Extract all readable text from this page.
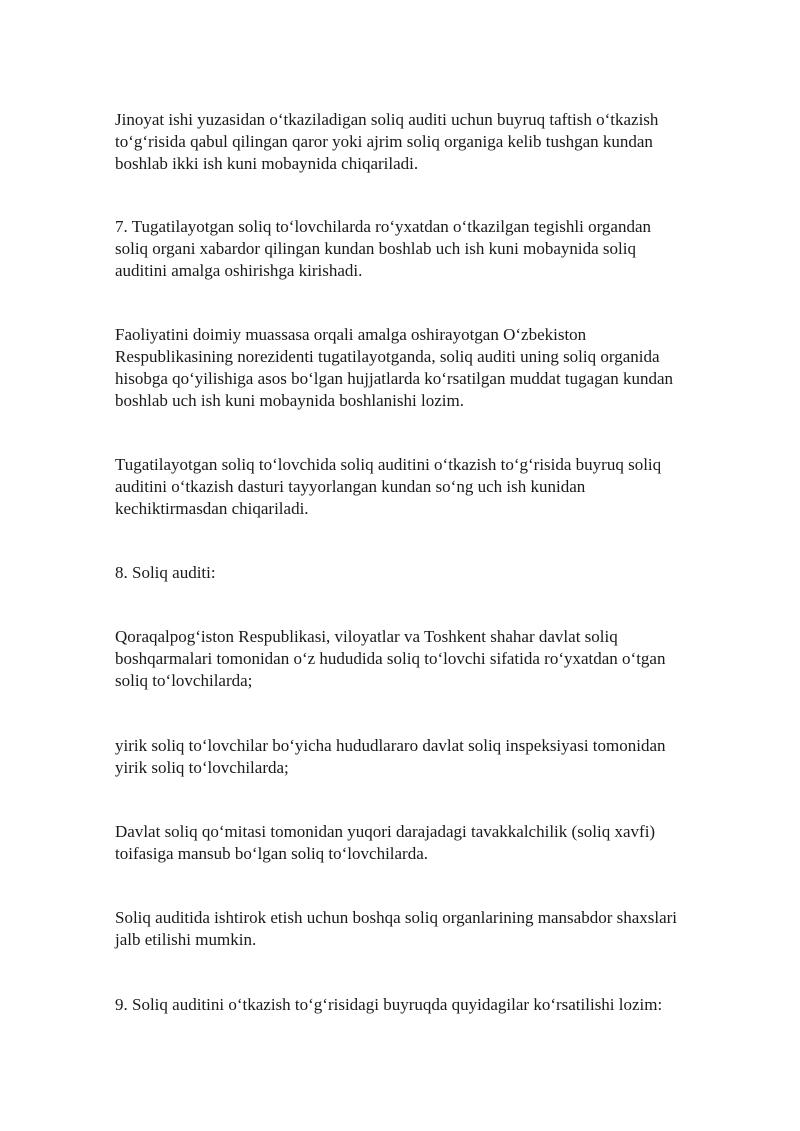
Jinoyat ishi yuzasidan o‘tkaziladigan soliq auditi uchun buyruq taftish o‘tkazish
to‘g‘risida qabul qilingan qaror yoki ajrim soliq organiga kelib tushgan kundan
boshlab ikki ish kuni mobaynida chiqariladi.

7. Tugatilayotgan soliq to‘lovchilarda ro‘yxatdan o‘tkazilgan tegishli organdan
soliq organi xabardor qilingan kundan boshlab uch ish kuni mobaynida soliq
auditini amalga oshirishga kirishadi.

Faoliyatini doimiy muassasa orqali amalga oshirayotgan O‘zbekiston
Respublikasining norezidenti tugatilayotganda, soliq auditi uning soliq organida
hisobga qo‘yilishiga asos bo‘lgan hujjatlarda ko‘rsatilgan muddat tugagan kundan
boshlab uch ish kuni mobaynida boshlanishi lozim.

Tugatilayotgan soliq to‘lovchida soliq auditini o‘tkazish to‘g‘risida buyruq soliq
auditini o‘tkazish dasturi tayyorlangan kundan so‘ng uch ish kunidan
kechiktirmasdan chiqariladi.

8. Soliq auditi:

Qoraqalpog‘iston Respublikasi, viloyatlar va Toshkent shahar davlat soliq
boshqarmalari tomonidan o‘z hududida soliq to‘lovchi sifatida ro‘yxatdan o‘tgan
soliq to‘lovchilarda;

yirik soliq to‘lovchilar bo‘yicha hududlararo davlat soliq inspeksiyasi tomonidan
yirik soliq to‘lovchilarda;

Davlat soliq qo‘mitasi tomonidan yuqori darajadagi tavakkalchilik (soliq xavfi)
toifasiga mansub bo‘lgan soliq to‘lovchilarda.

Soliq auditida ishtirok etish uchun boshqa soliq organlarining mansabdor shaxslari
jalb etilishi mumkin.

9. Soliq auditini o‘tkazish to‘g‘risidagi buyruqda quyidagilar ko‘rsatilishi lozim:
